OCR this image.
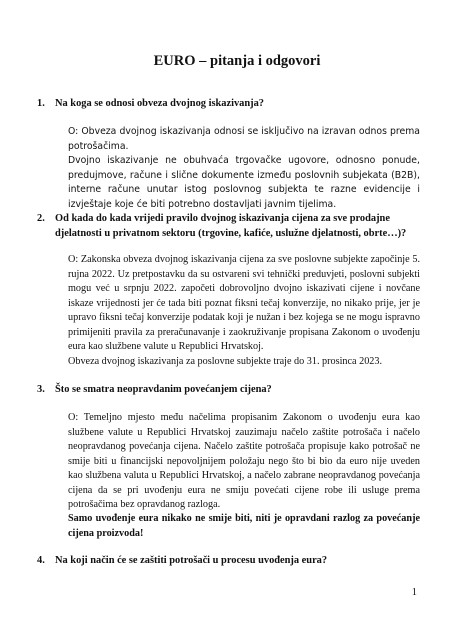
EURO – pitanja i odgovori
1. Na koga se odnosi obveza dvojnog iskazivanja?

O: Obveza dvojnog iskazivanja odnosi se isključivo na izravan odnos prema potrošačima.

Dvojno iskazivanje ne obuhvaća trgovačke ugovore, odnosno ponude, predujmove, račune i slične dokumente između poslovnih subjekata (B2B), interne račune unutar istog poslovnog subjekta te razne evidencije i izvještaje koje će biti potrebno dostavljati javnim tijelima.

2. Od kada do kada vrijedi pravilo dvojnog iskazivanja cijena za sve prodajne djelatnosti u privatnom sektoru (trgovine, kafiće, uslužne djelatnosti, obrte…)?

O: Zakonska obveza dvojnog iskazivanja cijena za sve poslovne subjekte započinje 5. rujna 2022. Uz pretpostavku da su ostvareni svi tehnički preduvjeti, poslovni subjekti mogu već u srpnju 2022. započeti dobrovoljno dvojno iskazivati cijene i novčane iskaze vrijednosti jer će tada biti poznat fiksni tečaj konverzije, no nikako prije, jer je upravo fiksni tečaj konverzije podatak koji je nužan i bez kojega se ne mogu ispravno primijeniti pravila za preračunavanje i zaokruživanje propisana Zakonom o uvođenju eura kao službene valute u Republici Hrvatskoj.

Obveza dvojnog iskazivanja za poslovne subjekte traje do 31. prosinca 2023.

3. Što se smatra neopravdanim povećanjem cijena?

O: Temeljno mjesto među načelima propisanim Zakonom o uvođenju eura kao službene valute u Republici Hrvatskoj zauzimaju načelo zaštite potrošača i načelo neopravdanog povećanja cijena. Načelo zaštite potrošača propisuje kako potrošač ne smije biti u financijski nepovoljnijem položaju nego što bi bio da euro nije uveden kao službena valuta u Republici Hrvatskoj, a načelo zabrane neopravdanog povećanja cijena da se pri uvođenju eura ne smiju povećati cijene robe ili usluge prema potrošačima bez opravdanog razloga.

Samo uvođenje eura nikako ne smije biti, niti je opravdani razlog za povećanje cijena proizvoda!

4. Na koji način će se zaštiti potrošači u procesu uvođenja eura?

1
